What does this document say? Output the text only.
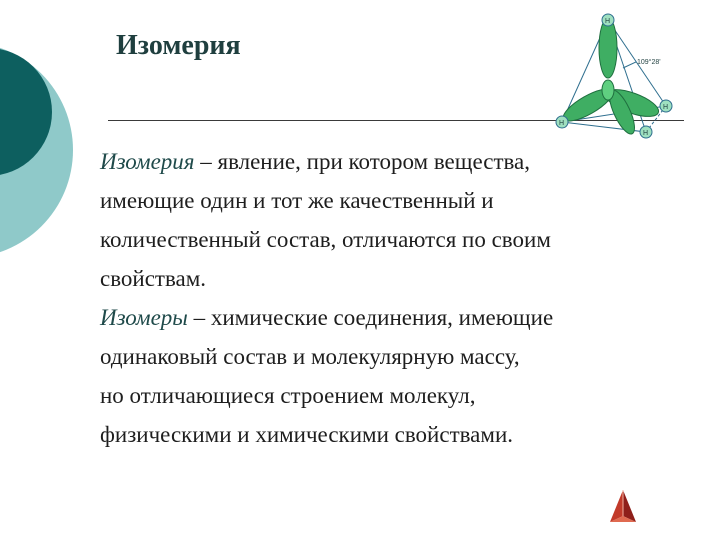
Изомерия
H
H
H
H
109°28'

Изомерия – явление, при котором вещества,
имеющие один и тот же качественный и
количественный состав, отличаются по своим
свойствам.

Изомеры – химические соединения, имеющие
одинаковый состав и молекулярную массу,
но отличающиеся строением молекул,
физическими и химическими свойствами.
